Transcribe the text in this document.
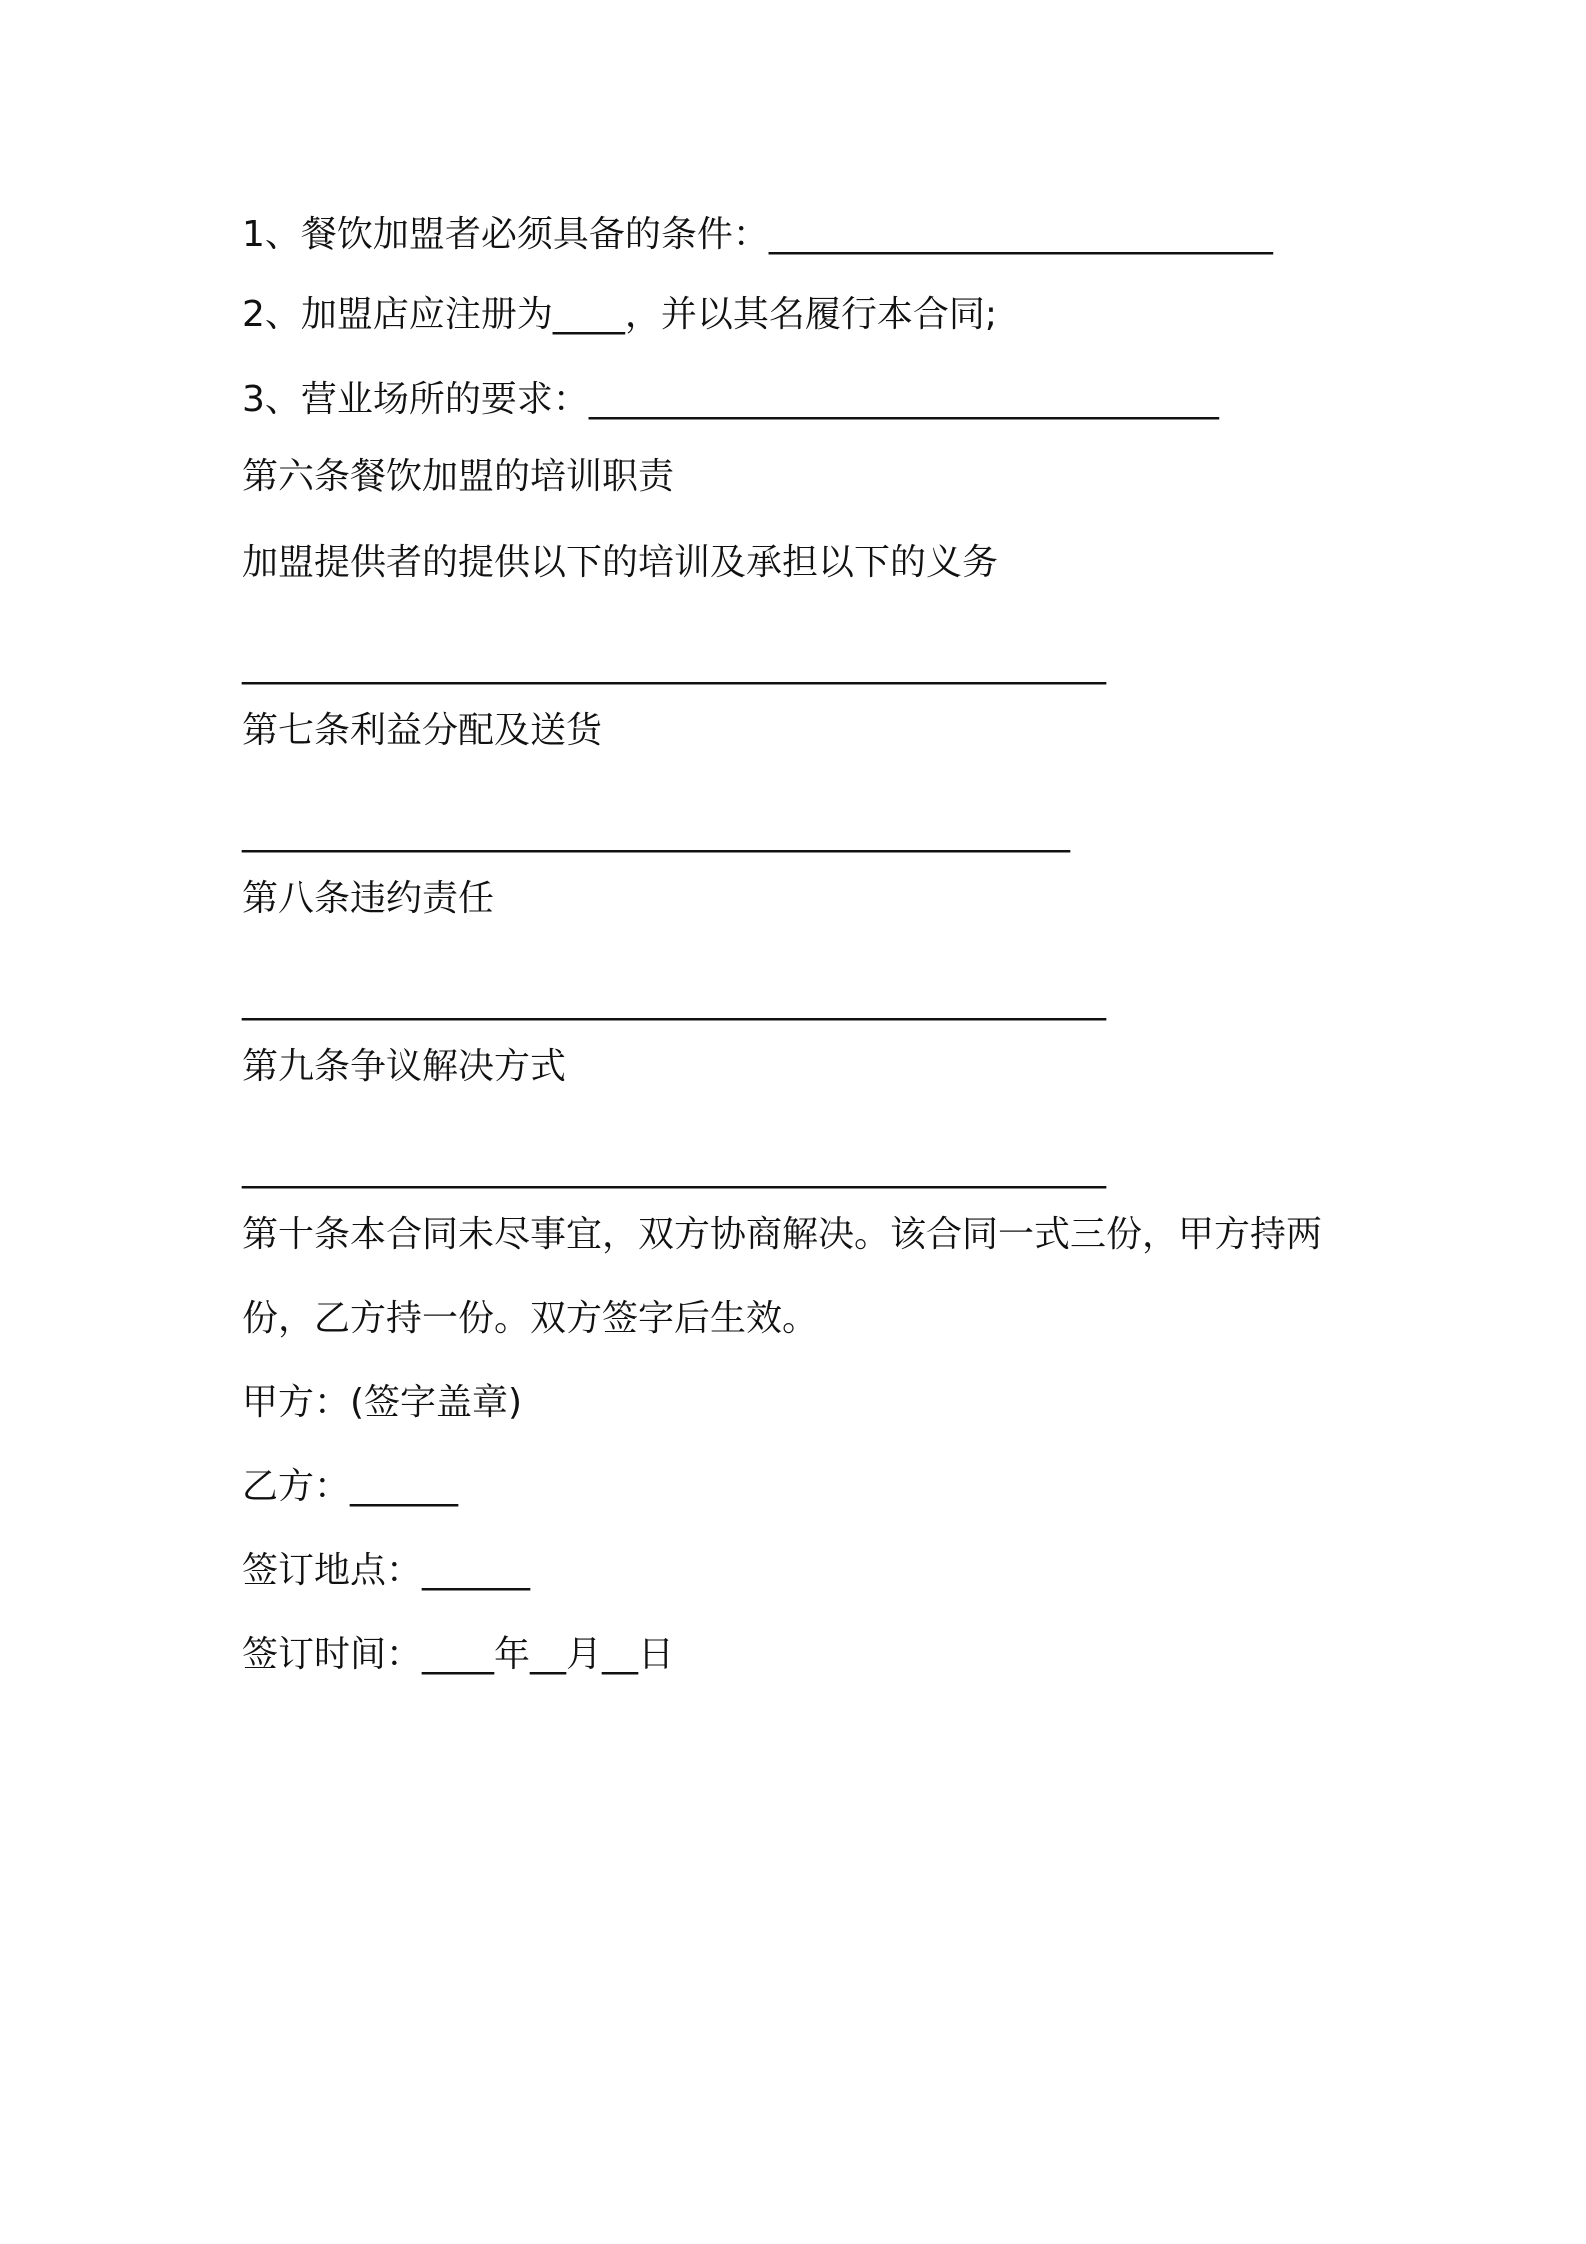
1、餐饮加盟者必须具备的条件：____________________________
2、加盟店应注册为____，并以其名履行本合同;
3、营业场所的要求：___________________________________
第六条餐饮加盟的培训职责
加盟提供者的提供以下的培训及承担以下的义务
________________________________________________
第七条利益分配及送货
______________________________________________
第八条违约责任
________________________________________________
第九条争议解决方式
________________________________________________
第十条本合同未尽事宜，双方协商解决。该合同一式三份，甲方持两
份，乙方持一份。双方签字后生效。
甲方：(签字盖章)
乙方：______
签订地点：______
签订时间：____年__月__日
